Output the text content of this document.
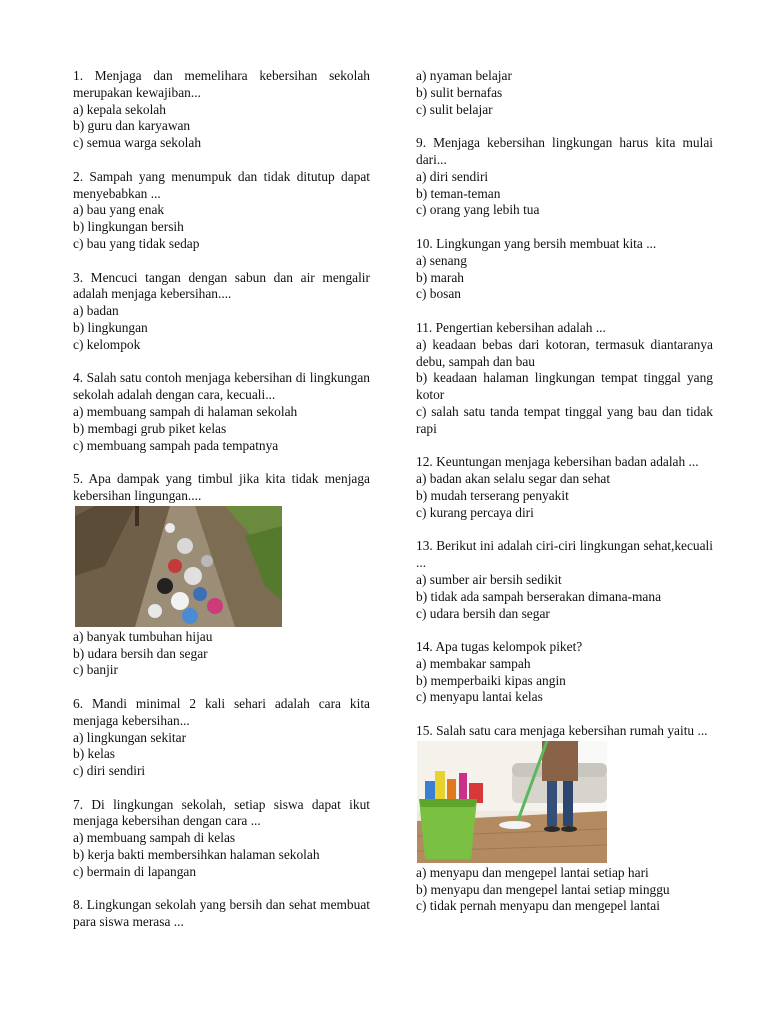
1. Menjaga dan memelihara kebersihan sekolah merupakan kewajiban...
a) kepala sekolah
b) guru dan karyawan
c) semua warga sekolah
2. Sampah yang menumpuk dan tidak ditutup dapat menyebabkan ...
a) bau yang enak
b) lingkungan bersih
c) bau yang tidak sedap
3. Mencuci tangan dengan sabun dan air mengalir adalah menjaga kebersihan....
a) badan
b) lingkungan
c) kelompok
4. Salah satu contoh menjaga kebersihan di lingkungan sekolah adalah dengan cara, kecuali...
a) membuang sampah di halaman sekolah
b) membagi grub piket kelas
c) membuang sampah pada tempatnya
5. Apa dampak yang timbul jika kita tidak menjaga kebersihan lingungan....
a) banyak tumbuhan hijau
b) udara bersih dan segar
c) banjir
6. Mandi minimal 2 kali sehari adalah cara kita menjaga kebersihan...
a) lingkungan sekitar
b) kelas
c) diri sendiri
7. Di lingkungan sekolah, setiap siswa dapat ikut menjaga kebersihan dengan cara ...
a) membuang sampah di kelas
b) kerja bakti membersihkan halaman sekolah
c) bermain di lapangan
8. Lingkungan sekolah yang bersih dan sehat membuat para siswa merasa ...
a) nyaman belajar
b) sulit bernafas
c) sulit belajar
9. Menjaga kebersihan lingkungan harus kita mulai dari...
a) diri sendiri
b) teman-teman
c) orang yang lebih tua
10. Lingkungan yang bersih membuat kita ...
a) senang
b) marah
c) bosan
11. Pengertian kebersihan adalah ...
a) keadaan bebas dari kotoran, termasuk diantaranya debu, sampah dan bau
b) keadaan halaman lingkungan tempat tinggal yang kotor
c) salah satu tanda tempat tinggal yang bau dan tidak rapi
12. Keuntungan menjaga kebersihan badan adalah ...
a) badan akan selalu segar dan sehat
b) mudah terserang penyakit
c) kurang percaya diri
13. Berikut ini adalah ciri-ciri lingkungan sehat,kecuali ...
a) sumber air bersih sedikit
b) tidak ada sampah berserakan dimana-mana
c) udara bersih dan segar
14. Apa tugas kelompok piket?
a) membakar sampah
b) memperbaiki kipas angin
c) menyapu lantai kelas
15. Salah satu cara menjaga kebersihan rumah yaitu ...
a) menyapu dan mengepel lantai setiap hari
b) menyapu dan mengepel lantai setiap minggu
c) tidak pernah menyapu dan mengepel lantai
